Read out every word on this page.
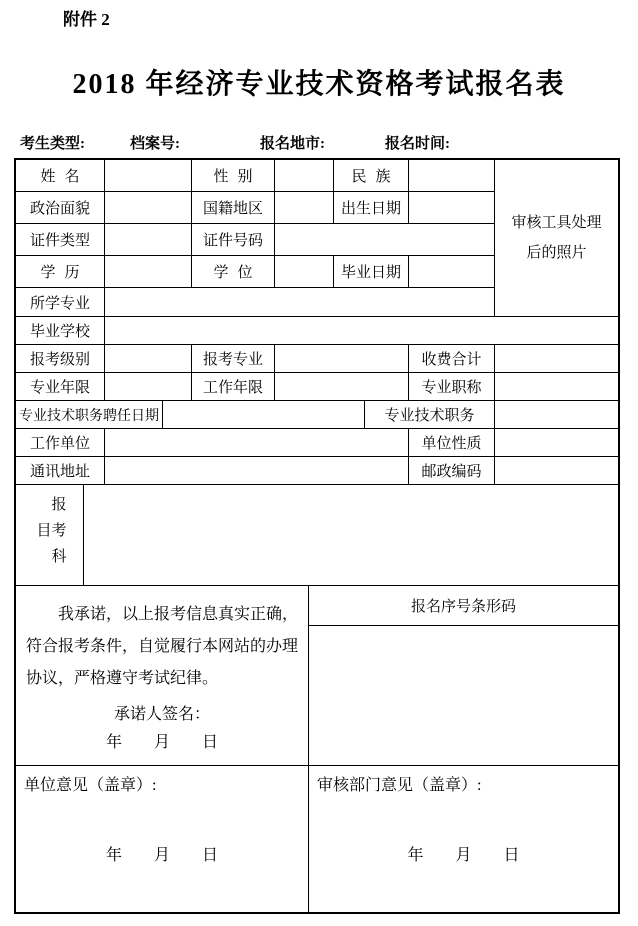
附件 2
2018 年经济专业技术资格考试报名表
考生类型:	档案号:	报名地市:	报名时间:
姓名	性别	民族
审核工具处理
后的照片
政治面貌	国籍地区	出生日期
证件类型	证件号码
学历	学位	毕业日期
所学专业
毕业学校
报考级别	报考专业	收费合计
专业年限	工作年限	专业职称
专业技术职务聘任日期	专业技术职务
工作单位	单位性质
通讯地址	邮政编码
报考科目

我承诺，以上报考信息真实正确，符合报考条件，自觉履行本网站的办理协议，严格遵守考试纪律。

承诺人签名：
年　　月　　日
报名序号条形码
单位意见（盖章）:
年　　月　　日
审核部门意见（盖章）:
年　　月　　日
